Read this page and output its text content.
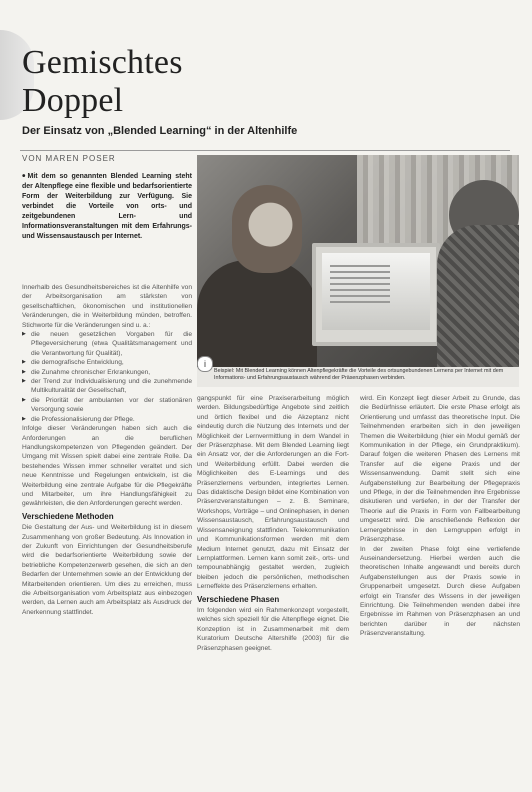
Gemischtes
Doppel
Der Einsatz von „Blended Learning“ in der Altenhilfe
VON MAREN POSER
• Mit dem so genannten Blended Learning steht der Altenpflege eine flexible und bedarfsorientierte Form der Weiterbildung zur Verfügung. Sie verbindet die Vorteile von orts- und zeitgebundenen Lern- und Informationsveranstaltungen mit dem Erfahrungs- und Wissensaustausch per Internet.
i
Beispiel: Mit Blended Learning können Altenpflegekräfte die Vorteile des ortsungebundenen Lernens per Internet mit dem Informations- und Erfahrungsaustausch während der Präsenzphasen verbinden.

Innerhalb des Gesundheitsbereiches ist die Altenhilfe von der Arbeitsorganisation am stärksten von gesellschaftlichen, ökonomischen und institutionellen Veränderungen, die in Weiterbildung münden, betroffen. Stichworte für die Veränderungen sind u. a.:

▶ die neuen gesetzlichen Vorgaben für die Pflegeversicherung (etwa Qualitätsmanagement und die Verantwortung für Qualität),
▶ die demografische Entwicklung,
▶ die Zunahme chronischer Erkrankungen,
▶ der Trend zur Individualisierung und die zunehmende Multikulturalität der Gesellschaft,
▶ die Priorität der ambulanten vor der stationären Versorgung sowie
▶ die Professionalisierung der Pflege.

Infolge dieser Veränderungen haben sich auch die Anforderungen an die beruflichen Handlungskompetenzen von Pflegenden geändert. Der Umgang mit Wissen spielt dabei eine zentrale Rolle. Da bestehendes Wissen immer schneller veraltet und sich neue Kenntnisse und Regelungen entwickeln, ist die Weiterbildung eine zentrale Aufgabe für die Pflegekräfte und Mitarbeiter, um ihre Handlungsfähigkeit zu gewährleisten, die den Anforderungen gerecht werden.

Verschiedene Methoden

Die Gestaltung der Aus- und Weiterbildung ist in diesem Zusammenhang von großer Bedeutung. Als Innovation in der Zukunft von Einrichtungen der Gesundheitsberufe wird die bedarfsorientierte Weiterbildung sowie der betriebliche Kompetenzerwerb gesehen, die sich an den Bedarfen der Unternehmen sowie an der Entwicklung der Mitarbeitenden orientieren. Um dies zu erreichen, muss die Arbeitsorganisation vom Arbeitsplatz aus einbezogen werden, da Lernen auch am Arbeitsplatz als Ausdruck der Anerkennung stattfindet.

gangspunkt für eine Praxiserarbeitung möglich werden. Bildungsbedürftige Angebote sind zeitlich und örtlich flexibel und die Akzeptanz nicht eindeutig durch die Nutzung des Internets und der Möglichkeit der Lernvermittlung in dem Wandel in der Präsenzphase. Mit dem Blended Learning liegt ein Ansatz vor, der die Anforderungen an die Fort- und Weiterbildung erfüllt. Dabei werden die Möglichkeiten des E-Learnings und des Präsenzlernens verbunden, integriertes Lernen. Das didaktische Design bildet eine Kombination von Präsenzveranstaltungen – z. B. Seminare, Workshops, Vorträge – und Onlinephasen, in denen Wissensaustausch, Erfahrungsaustausch und Wissensaneignung stattfinden. Telekommunikation und Kommunikationsformen werden mit dem Medium Internet genutzt, dazu mit Einsatz der Lernplattformen. Lernen kann somit zeit-, orts- und tempounabhängig gestaltet werden, zugleich bleiben jedoch die persönlichen, methodischen Lerneffekte des Präsenzlernens erhalten.

Verschiedene Phasen

Im folgenden wird ein Rahmenkonzept vorgestellt, welches sich speziell für die Altenpflege eignet. Die Konzeption ist in Zusammenarbeit mit dem Kuratorium Deutsche Altershilfe (2003) für die Präsenzphasen geeignet.

wird. Ein Konzept liegt dieser Arbeit zu Grunde, das die Bedürfnisse erläutert. Die erste Phase erfolgt als Orientierung und umfasst das theoretische Input. Die Teilnehmenden erarbeiten sich in den jeweiligen Themen die Weiterbildung (hier ein Modul gemäß der Kommunikation in der Pflege, ein Grundpraktikum). Darauf folgen die weiteren Phasen des Lernens mit Transfer auf die eigene Praxis und der Wissensanwendung. Damit stellt sich eine Aufgabenstellung zur Bearbeitung der Pflegepraxis und Pflege, in der die Teilnehmenden ihre Ergebnisse diskutieren und vertiefen, in der der Transfer der Theorie auf die Praxis in Form von Fallbearbeitung umgesetzt wird. Die anschließende Reflexion der Lernergebnisse in den Lerngruppen erfolgt in Präsenzphase.

In der zweiten Phase folgt eine vertiefende Auseinandersetzung. Hierbei werden auch die theoretischen Inhalte angewandt und bereits durch Aufgabenstellungen aus der Praxis sowie in Gruppenarbeit umgesetzt. Durch diese Aufgaben erfolgt ein Transfer des Wissens in der jeweiligen Einrichtung. Die Teilnehmenden wenden dabei ihre Ergebnisse im Rahmen von Präsenzphasen an und berichten darüber in der nächsten Präsenzveranstaltung.
